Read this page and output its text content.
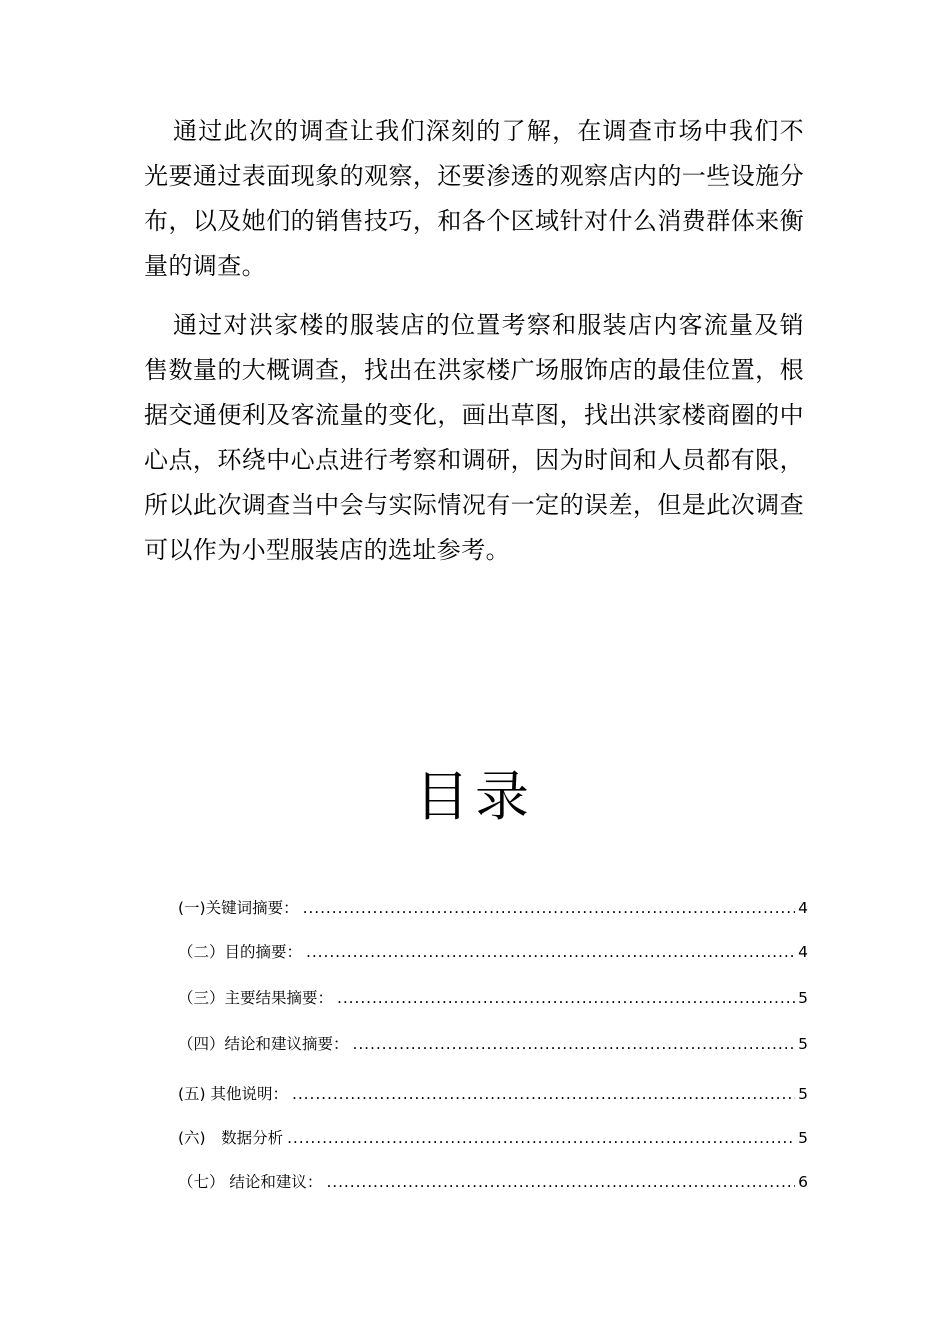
通过此次的调查让我们深刻的了解，在调查市场中我们不光要通过表面现象的观察，还要渗透的观察店内的一些设施分布，以及她们的销售技巧，和各个区域针对什么消费群体来衡量的调查。

通过对洪家楼的服装店的位置考察和服装店内客流量及销售数量的大概调查，找出在洪家楼广场服饰店的最佳位置，根据交通便利及客流量的变化，画出草图，找出洪家楼商圈的中心点，环绕中心点进行考察和调研，因为时间和人员都有限，所以此次调查当中会与实际情况有一定的误差，但是此次调查可以作为小型服装店的选址参考。

目录
(一)关键词摘要： .....	4
（二）目的摘要： .....	4
（三）主要结果摘要： .....	5
（四）结论和建议摘要： .....	5
(五) 其他说明： .....	5
(六)　数据分析 .....	5
（七） 结论和建议： .....	6
